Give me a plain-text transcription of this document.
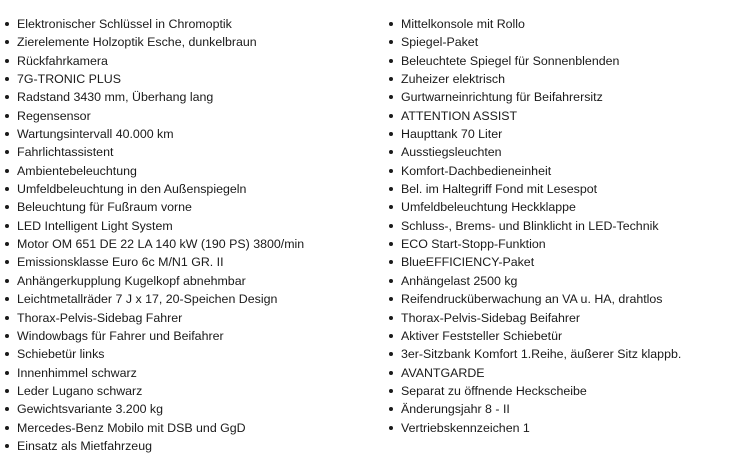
Elektronischer Schlüssel in Chromoptik
Zierelemente Holzoptik Esche, dunkelbraun
Rückfahrkamera
7G-TRONIC PLUS
Radstand 3430 mm, Überhang lang
Regensensor
Wartungsintervall 40.000 km
Fahrlichtassistent
Ambientebeleuchtung
Umfeldbeleuchtung in den Außenspiegeln
Beleuchtung für Fußraum vorne
LED Intelligent Light System
Motor OM 651 DE 22 LA 140 kW (190 PS) 3800/min
Emissionsklasse Euro 6c M/N1 GR. II
Anhängerkupplung Kugelkopf abnehmbar
Leichtmetallräder 7 J x 17, 20-Speichen Design
Thorax-Pelvis-Sidebag Fahrer
Windowbags für Fahrer und Beifahrer
Schiebetür links
Innenhimmel schwarz
Leder Lugano schwarz
Gewichtsvariante 3.200 kg
Mercedes-Benz Mobilo mit DSB und GgD
Einsatz als Mietfahrzeug
Mittelkonsole mit Rollo
Spiegel-Paket
Beleuchtete Spiegel für Sonnenblenden
Zuheizer elektrisch
Gurtwarneinrichtung für Beifahrersitz
ATTENTION ASSIST
Haupttank 70 Liter
Ausstiegsleuchten
Komfort-Dachbedieneinheit
Bel. im Haltegriff Fond mit Lesespot
Umfeldbeleuchtung Heckklappe
Schluss-, Brems- und Blinklicht in LED-Technik
ECO Start-Stopp-Funktion
BlueEFFICIENCY-Paket
Anhängelast 2500 kg
Reifendrucküberwachung an VA u. HA, drahtlos
Thorax-Pelvis-Sidebag Beifahrer
Aktiver Feststeller Schiebetür
3er-Sitzbank Komfort 1.Reihe, äußerer Sitz klappb.
AVANTGARDE
Separat zu öffnende Heckscheibe
Änderungsjahr 8 - II
Vertriebskennzeichen 1
